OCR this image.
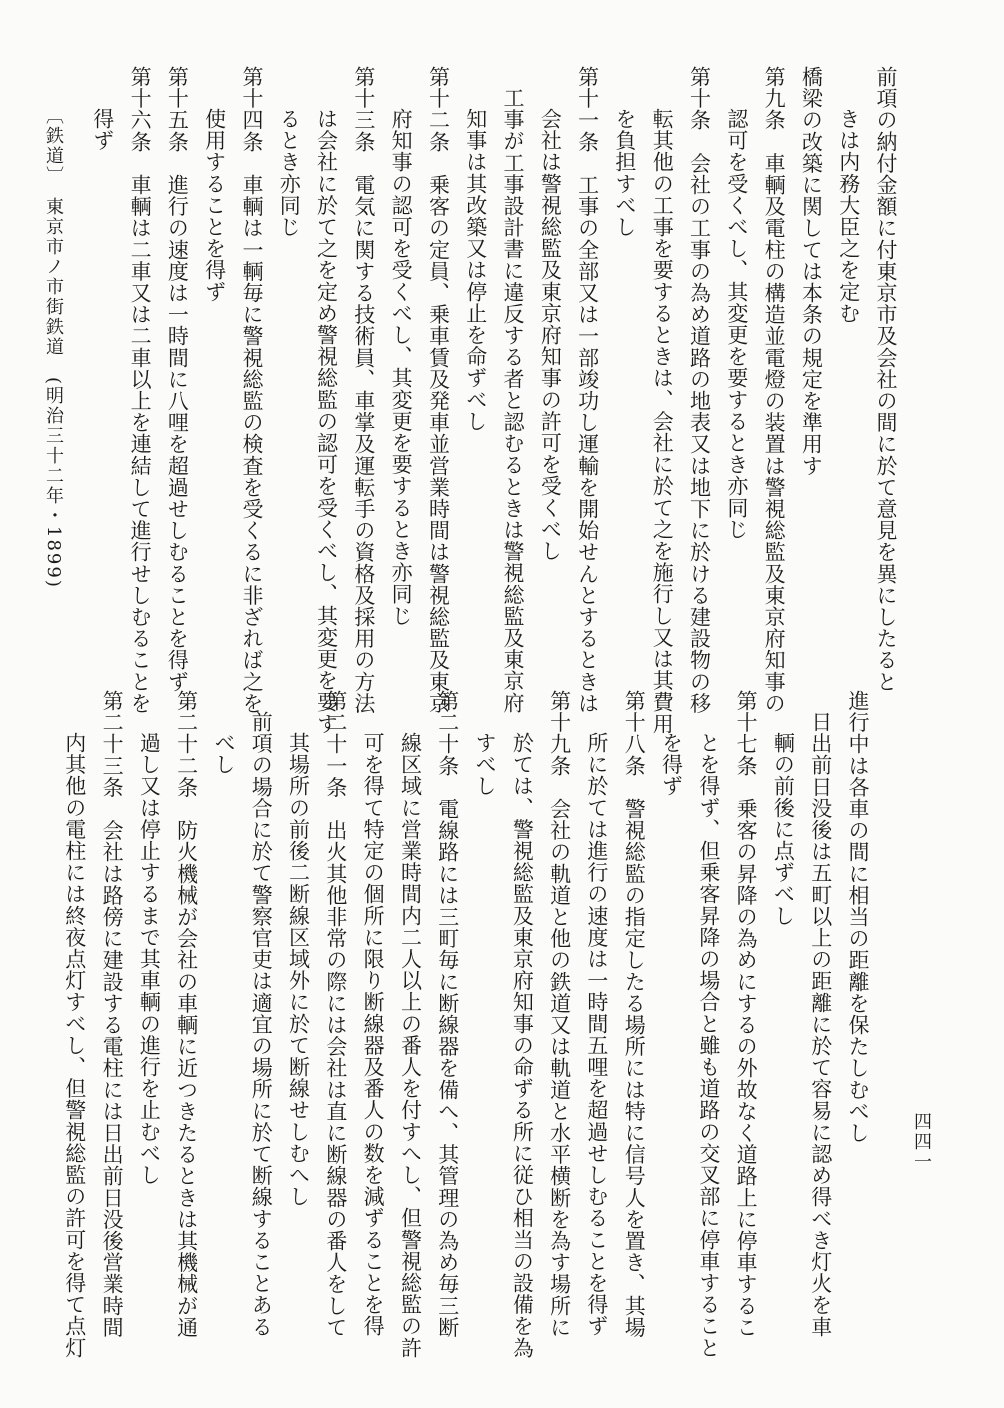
〔鉄道〕　東京市ノ市街鉄道　(明治三十二年・1899)	前項の納付金額に付東京市及会社の間に於て意見を異にしたると
きは内務大臣之を定む
橋梁の改築に関しては本条の規定を準用す
第九条　車輌及電柱の構造並電燈の装置は警視総監及東京府知事の
認可を受くべし、其変更を要するとき亦同じ
第十条　会社の工事の為め道路の地表又は地下に於ける建設物の移
転其他の工事を要するときは、会社に於て之を施行し又は其費用
を負担すべし
第十一条　工事の全部又は一部竣功し運輸を開始せんとするときは
会社は警視総監及東京府知事の許可を受くべし
工事が工事設計書に違反する者と認むるときは警視総監及東京府
知事は其改築又は停止を命ずべし
第十二条　乗客の定員、乗車賃及発車並営業時間は警視総監及東京
府知事の認可を受くべし、其変更を要するとき亦同じ
第十三条　電気に関する技術員、車掌及運転手の資格及採用の方法
は会社に於て之を定め警視総監の認可を受くべし、其変更を要す
るとき亦同じ
第十四条　車輌は一輌毎に警視総監の検査を受くるに非ざれば之を
使用することを得ず
第十五条　進行の速度は一時間に八哩を超過せしむることを得ず
第十六条　車輌は二車又は二車以上を連結して進行せしむることを
得ず
進行中は各車の間に相当の距離を保たしむべし
日出前日没後は五町以上の距離に於て容易に認め得べき灯火を車
輌の前後に点ずべし
第十七条　乗客の昇降の為めにするの外故なく道路上に停車するこ
とを得ず、但乗客昇降の場合と雖も道路の交叉部に停車すること
を得ず
第十八条　警視総監の指定したる場所には特に信号人を置き、其場
所に於ては進行の速度は一時間五哩を超過せしむることを得ず
第十九条　会社の軌道と他の鉄道又は軌道と水平横断を為す場所に
於ては、警視総監及東京府知事の命ずる所に従ひ相当の設備を為
すべし
第二十条　電線路には三町毎に断線器を備へ、其管理の為め毎三断
線区域に営業時間内二人以上の番人を付すへし、但警視総監の許
可を得て特定の個所に限り断線器及番人の数を減ずることを得
第二十一条　出火其他非常の際には会社は直に断線器の番人をして
其場所の前後二断線区域外に於て断線せしむへし
前項の場合に於て警察官吏は適宜の場所に於て断線することある
べし
第二十二条　防火機械が会社の車輌に近つきたるときは其機械が通
過し又は停止するまで其車輌の進行を止むべし
第二十三条　会社は路傍に建設する電柱には日出前日没後営業時間
内其他の電柱には終夜点灯すべし、但警視総監の許可を得て点灯	四四一
